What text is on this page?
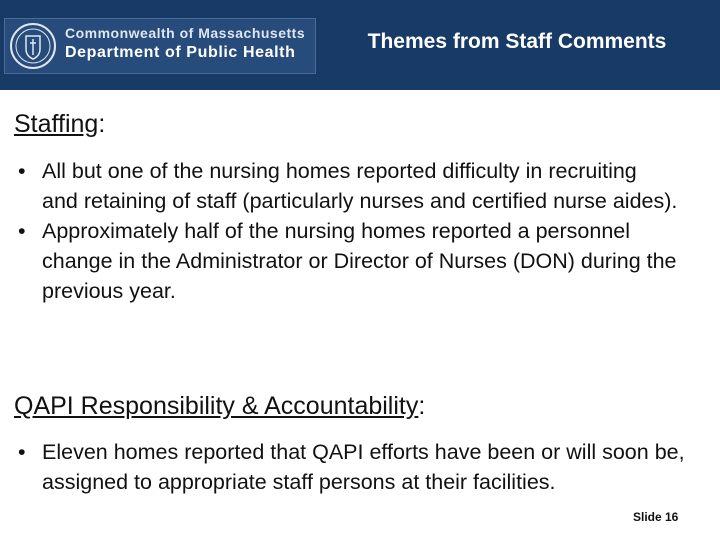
Commonwealth of Massachusetts
Department of Public Health	Themes from Staff Comments
Staffing:
• All but one of the nursing homes reported difficulty in recruiting and retaining of staff (particularly nurses and certified nurse aides).
• Approximately half of the nursing homes reported a personnel change in the Administrator or Director of Nurses (DON) during the previous year.
QAPI Responsibility & Accountability:
• Eleven homes reported that QAPI efforts have been or will soon be, assigned to appropriate staff persons at their facilities.
Slide 16
